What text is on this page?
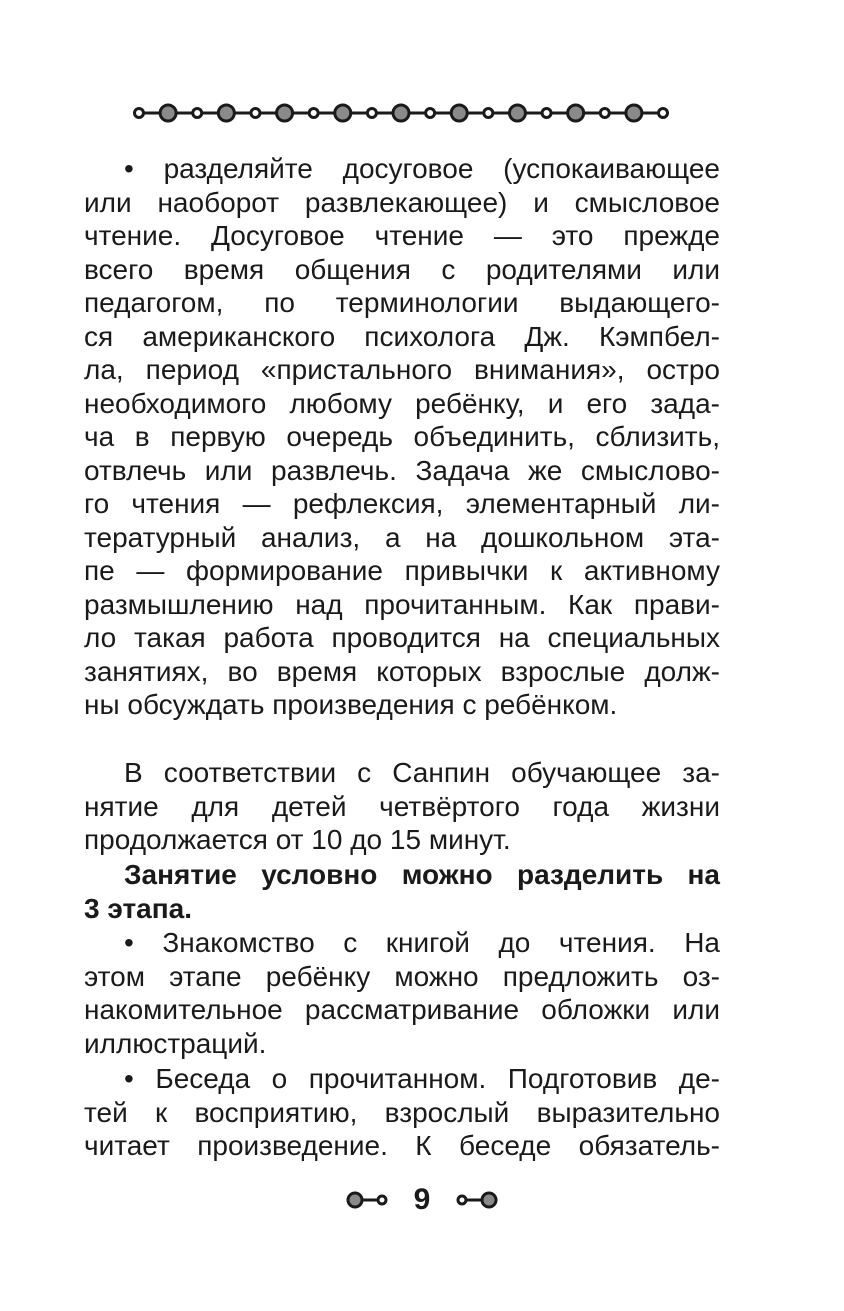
• разделяйте досуговое (успокаивающее
или наоборот развлекающее) и смысловое
чтение. Досуговое чтение — это прежде
всего время общения с родителями или
педагогом, по терминологии выдающего-
ся американского психолога Дж. Кэмпбел-
ла, период «пристального внимания», остро
необходимого любому ребёнку, и его зада-
ча в первую очередь объединить, сблизить,
отвлечь или развлечь. Задача же смыслово-
го чтения — рефлексия, элементарный ли-
тературный анализ, а на дошкольном эта-
пе — формирование привычки к активному
размышлению над прочитанным. Как прави-
ло такая работа проводится на специальных
занятиях, во время которых взрослые долж-
ны обсуждать произведения с ребёнком.

В соответствии с Санпин обучающее за-
нятие для детей четвёртого года жизни
продолжается от 10 до 15 минут.

Занятие условно можно разделить на
3 этапа.

• Знакомство с книгой до чтения. На
этом этапе ребёнку можно предложить оз-
накомительное рассматривание обложки или
иллюстраций.

• Беседа о прочитанном. Подготовив де-
тей к восприятию, взрослый выразительно
читает произведение. К беседе обязатель-

9
